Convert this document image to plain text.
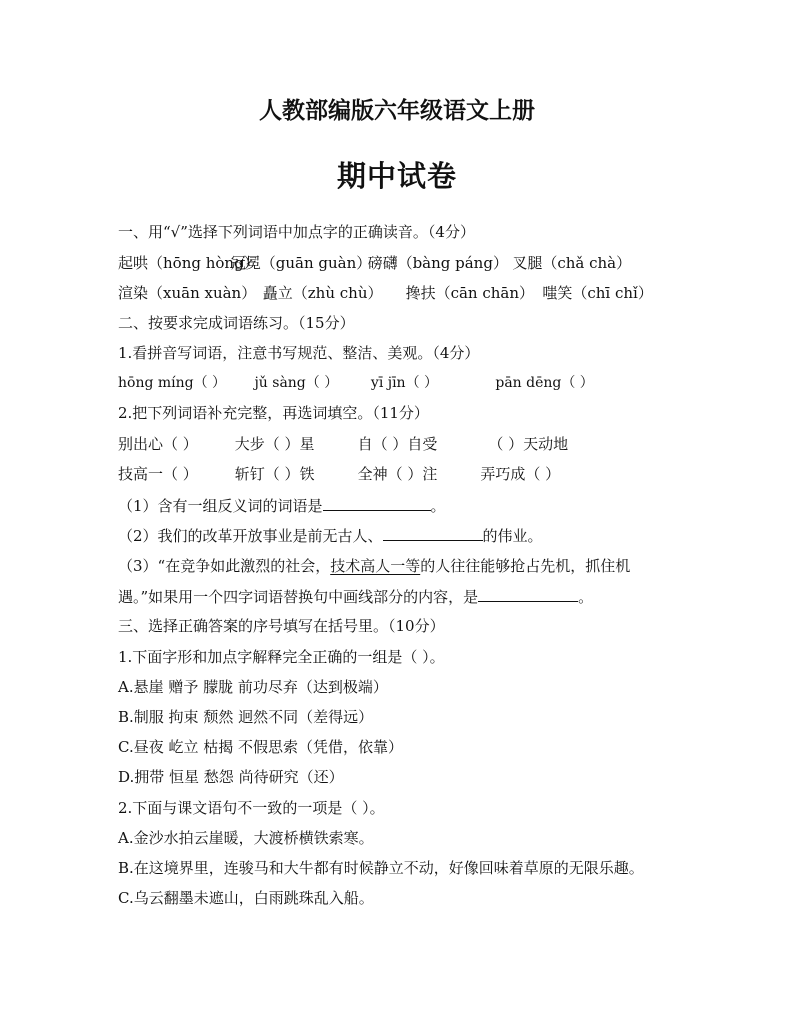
人教部编版六年级语文上册
期中试卷
一、用“√”选择下列词语中加点字的正确读音。（4分）
起哄（hōng hòng） 冠冕（guān guàn） 磅礴（bàng páng） 叉腿（chǎ chà）
渲染（xuān xuàn） 矗立（zhù chù） 搀扶（cān chān） 嗤笑（chī chǐ）
二、按要求完成词语练习。（15分）
1.看拼音写词语，注意书写规范、整洁、美观。（4分）
hōng míng（ ） jǔ sàng（ ） yī jīn（ ）	pān dēng（ ）
2.把下列词语补充完整，再选词填空。（11分）
别出心（ ） 大步（ ）星	自（ ）自受	（ ）天动地
技高一（ ） 斩钉（ ）铁	全神（ ）注	弄巧成（ ）
（1）含有一组反义词的词语是	。
（2）我们的改革开放事业是前无古人、	的伟业。
（3）“在竞争如此激烈的社会，技术高人一等的人往往能够抢占先机，抓住机
遇。”如果用一个四字词语替换句中画线部分的内容，是	。
三、选择正确答案的序号填写在括号里。（10分）
1.下面字形和加点字解释完全正确的一组是（ ）。
A.悬崖 赠予 朦胧 前功尽弃（达到极端）
B.制服 拘束 颓然 迥然不同（差得远）
C.昼夜 屹立 枯揭 不假思索（凭借，依靠）
D.拥带 恒星 愁怨 尚待研究（还）
2.下面与课文语句不一致的一项是（ ）。
A.金沙水拍云崖暖，大渡桥横铁索寒。
B.在这境界里，连骏马和大牛都有时候静立不动，好像回味着草原的无限乐趣。
C.乌云翻墨未遮山，白雨跳珠乱入船。
